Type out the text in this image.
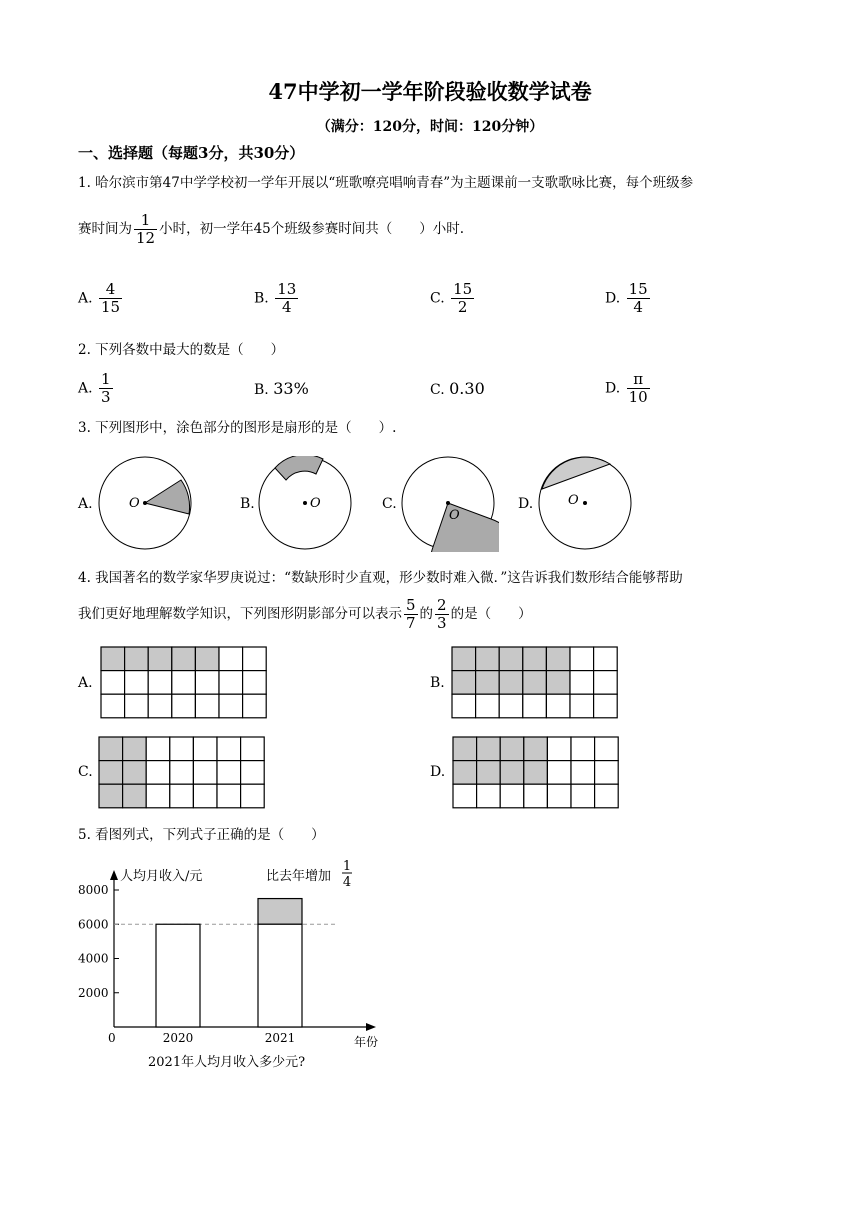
47中学初一学年阶段验收数学试卷
（满分：120分，时间：120分钟）
一、选择题（每题3分，共30分）
1. 哈尔滨市第47中学学校初一学年开展以“班歌嘹亮唱响青春”为主题课前一支歌歌咏比赛，每个班级参
赛时间为 $\frac{1}{12}$ 小时，初一学年45个班级参赛时间共（　　）小时.
A. $\frac{4}{15}$	B. $\frac{13}{4}$	C. $\frac{15}{2}$	D. $\frac{15}{4}$
2. 下列各数中最大的数是（　　）
A. $\frac{1}{3}$	B. 33%	C. 0.30	D. $\frac{\pi}{10}$
3. 下列图形中，涂色部分的图形是扇形的是（　　）.
A.	O	B.	O	C.
O
D.	O
4. 我国著名的数学家华罗庚说过：“数缺形时少直观，形少数时难入微．”这告诉我们数形结合能够帮助
我们更好地理解数学知识，下列图形阴影部分可以表示 $\frac{5}{7}$ 的 $\frac{2}{3}$ 的是（　　）
A.	B.
C.	D.
5. 看图列式，下列式子正确的是（　　）
人均月收入/元
年份
0
8000
6000
4000
2000
2020	2021
比去年增加
1
4
2021年人均月收入多少元?
